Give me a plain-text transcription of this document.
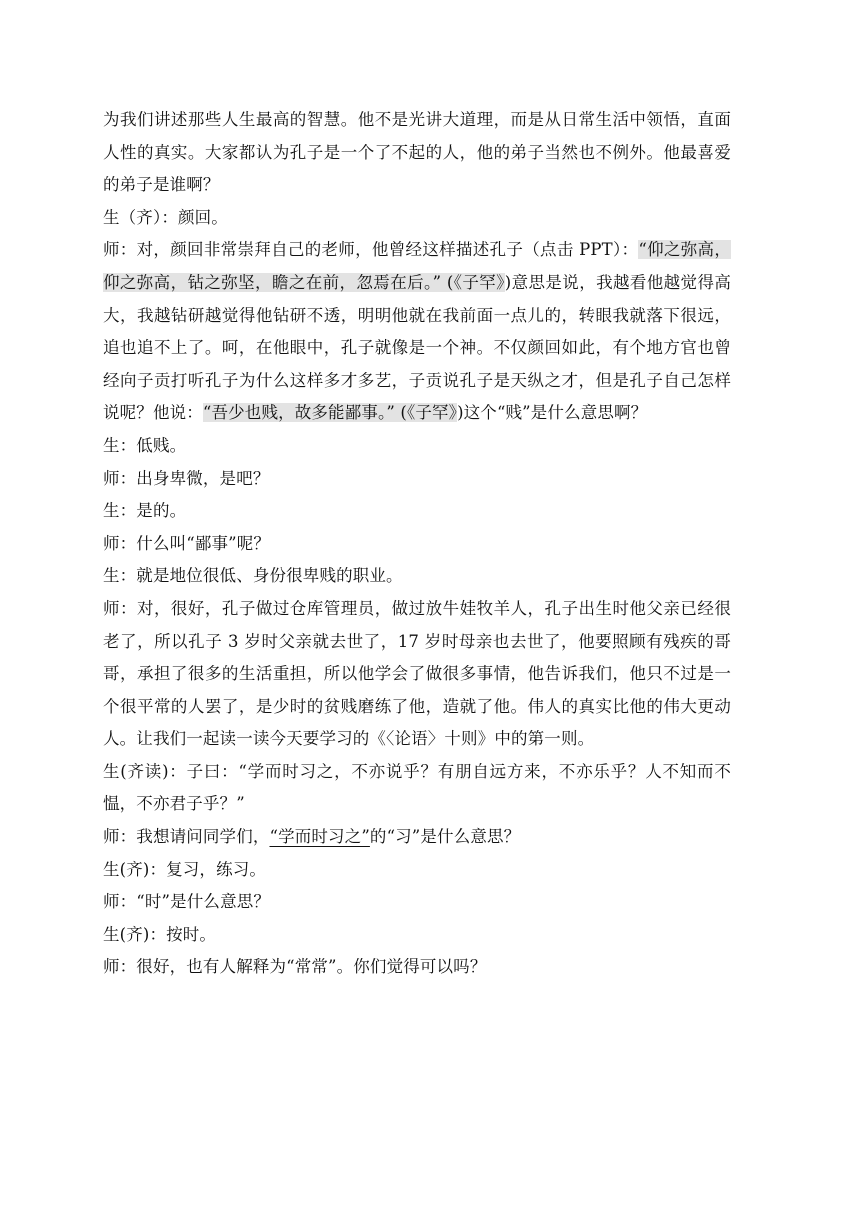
为我们讲述那些人生最高的智慧。他不是光讲大道理，而是从日常生活中领悟，直面人性的真实。大家都认为孔子是一个了不起的人，他的弟子当然也不例外。他最喜爱的弟子是谁啊？

生（齐）：颜回。

师：对，颜回非常崇拜自己的老师，他曾经这样描述孔子（点击 PPT）：“仰之弥高，仰之弥高，钻之弥坚，瞻之在前，忽焉在后。” (《子罕》)意思是说，我越看他越觉得高大，我越钻研越觉得他钻研不透，明明他就在我前面一点儿的，转眼我就落下很远，追也追不上了。呵，在他眼中，孔子就像是一个神。不仅颜回如此，有个地方官也曾经向子贡打听孔子为什么这样多才多艺，子贡说孔子是天纵之才，但是孔子自己怎样说呢？他说：“吾少也贱，故多能鄙事。” (《子罕》)这个“贱”是什么意思啊？

生：低贱。

师：出身卑微，是吧？

生：是的。

师：什么叫“鄙事”呢？

生：就是地位很低、身份很卑贱的职业。

师：对，很好，孔子做过仓库管理员，做过放牛娃牧羊人，孔子出生时他父亲已经很老了，所以孔子 3 岁时父亲就去世了，17 岁时母亲也去世了，他要照顾有残疾的哥哥，承担了很多的生活重担，所以他学会了做很多事情，他告诉我们，他只不过是一个很平常的人罢了，是少时的贫贱磨练了他，造就了他。伟人的真实比他的伟大更动人。让我们一起读一读今天要学习的《〈论语〉十则》中的第一则。

生(齐读)：子曰：“学而时习之，不亦说乎？有朋自远方来，不亦乐乎？人不知而不愠，不亦君子乎？”

师：我想请问同学们，“学而时习之”的“习”是什么意思？

生(齐)：复习，练习。

师：“时”是什么意思？

生(齐)：按时。

师：很好，也有人解释为“常常”。你们觉得可以吗？
